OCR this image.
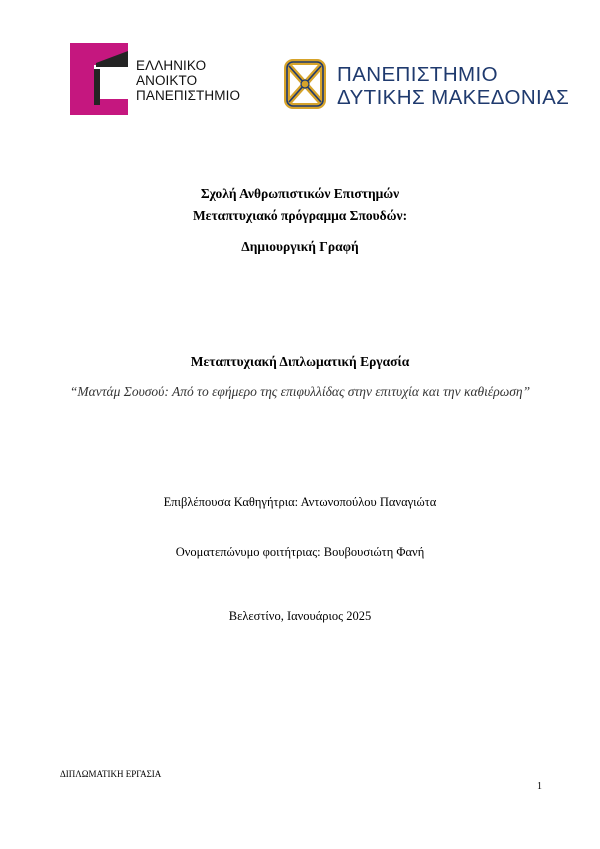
ΕΛΛΗΝΙΚΟ
ΑΝΟΙΚΤΟ
ΠΑΝΕΠΙΣΤΗΜΙΟ
ΠΑΝΕΠΙΣΤΗΜΙΟ
ΔΥΤΙΚΗΣ ΜΑΚΕΔΟΝΙΑΣ
Σχολή Ανθρωπιστικών Επιστημών
Μεταπτυχιακό πρόγραμμα Σπουδών:
Δημιουργική Γραφή
Μεταπτυχιακή Διπλωματική Εργασία
“Μαντάμ Σουσού: Από το εφήμερο της επιφυλλίδας στην επιτυχία και την καθιέρωση”
Επιβλέπουσα Καθηγήτρια: Αντωνοπούλου Παναγιώτα
Ονοματεπώνυμο φοιτήτριας: Βουβουσιώτη Φανή
Βελεστίνο, Ιανουάριος 2025
ΔΙΠΛΩΜΑΤΙΚΗ ΕΡΓΑΣΙΑ
1
